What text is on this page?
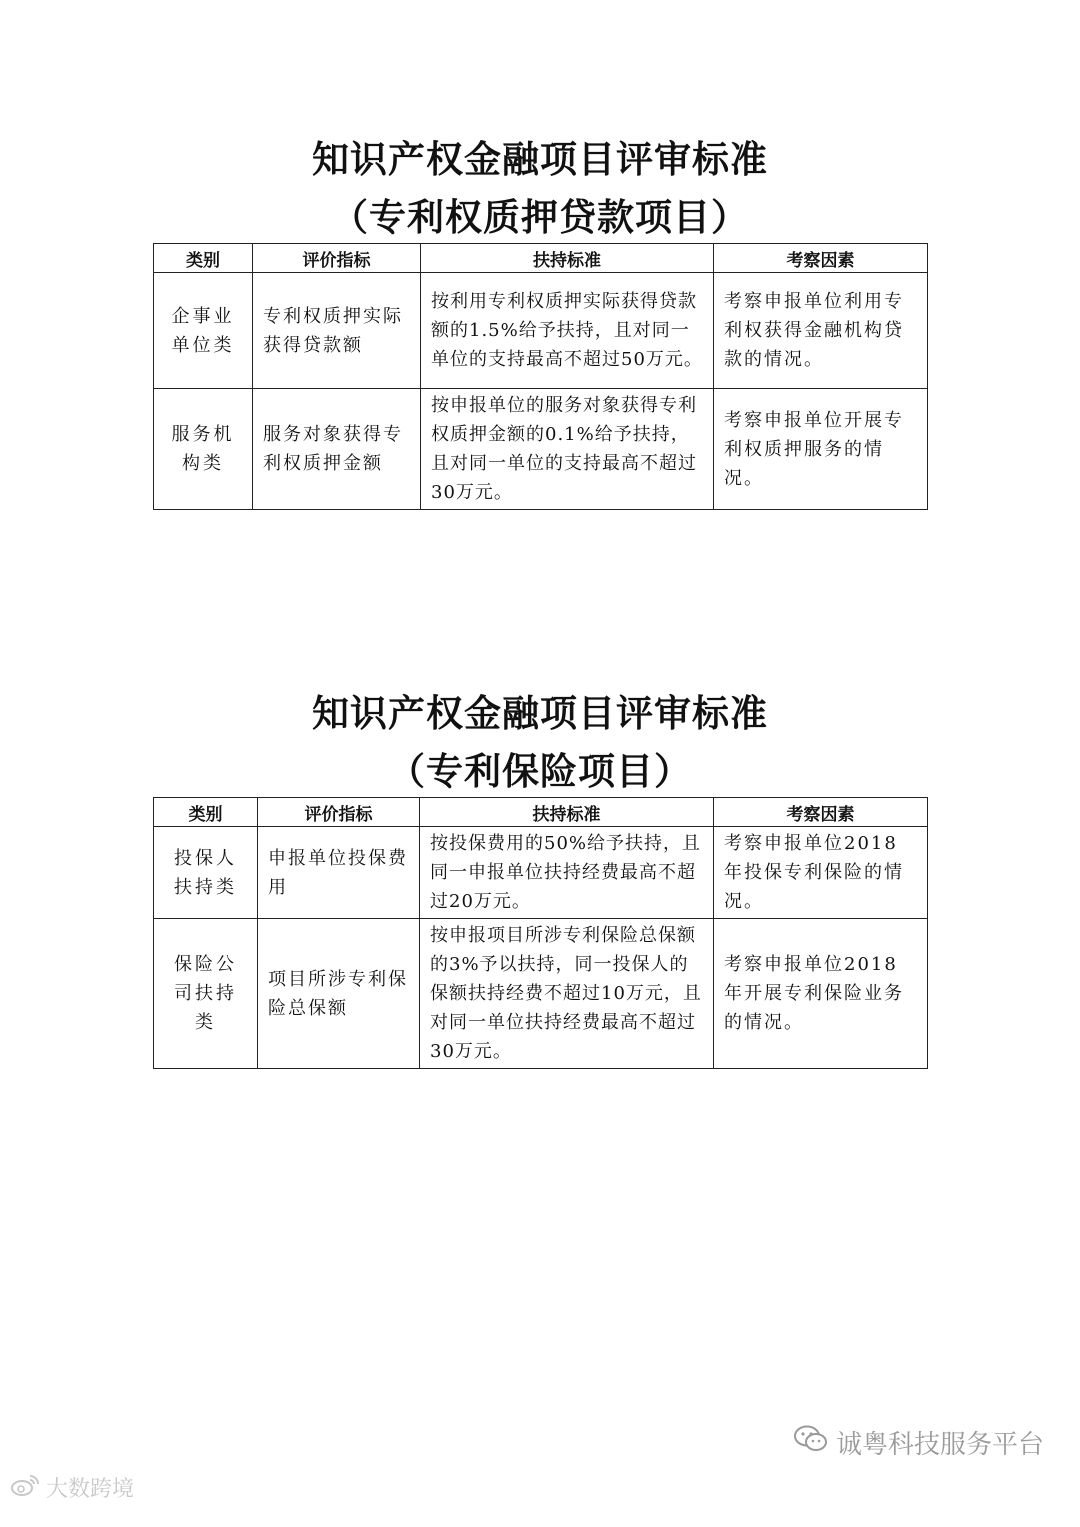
知识产权金融项目评审标准
（专利权质押贷款项目）
类别	评价指标	扶持标准	考察因素
企事业单位类	专利权质押实际获得贷款额	按利用专利权质押实际获得贷款额的1.5%给予扶持，且对同一单位的支持最高不超过50万元。	考察申报单位利用专利权获得金融机构贷款的情况。
服务机构类	服务对象获得专利权质押金额	按申报单位的服务对象获得专利权质押金额的0.1%给予扶持，且对同一单位的支持最高不超过30万元。	考察申报单位开展专利权质押服务的情况。
知识产权金融项目评审标准
（专利保险项目）
类别	评价指标	扶持标准	考察因素
投保人扶持类	申报单位投保费用	按投保费用的50%给予扶持，且同一申报单位扶持经费最高不超过20万元。	考察申报单位2018年投保专利保险的情况。
保险公司扶持类	项目所涉专利保险总保额	按申报项目所涉专利保险总保额的3%予以扶持，同一投保人的保额扶持经费不超过10万元，且对同一单位扶持经费最高不超过30万元。	考察申报单位2018年开展专利保险业务的情况。
诚粤科技服务平台
大数跨境
